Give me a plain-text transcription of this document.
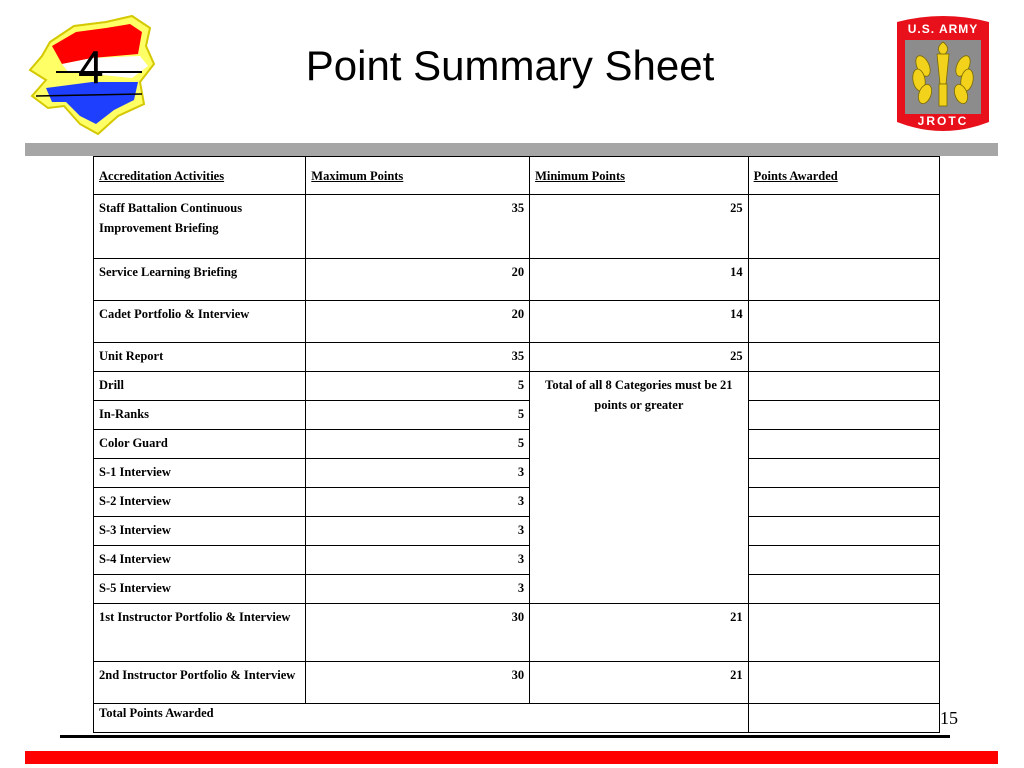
4
U.S. ARMY
JROTC
Point Summary Sheet
Accreditation Activities	Maximum Points	Minimum Points	Points Awarded
Staff Battalion Continuous Improvement Briefing	35	25	
Service Learning Briefing	20	14	
Cadet Portfolio & Interview	20	14	
Unit Report	35	25	
Drill	5	Total of all 8 Categories must be 21 points or greater	
In-Ranks	5		
Color Guard	5		
S-1 Interview	3		
S-2 Interview	3		
S-3 Interview	3		
S-4 Interview	3		
S-5 Interview	3		
1st Instructor Portfolio & Interview	30	21	
2nd Instructor Portfolio & Interview	30	21	
Total Points Awarded				15
